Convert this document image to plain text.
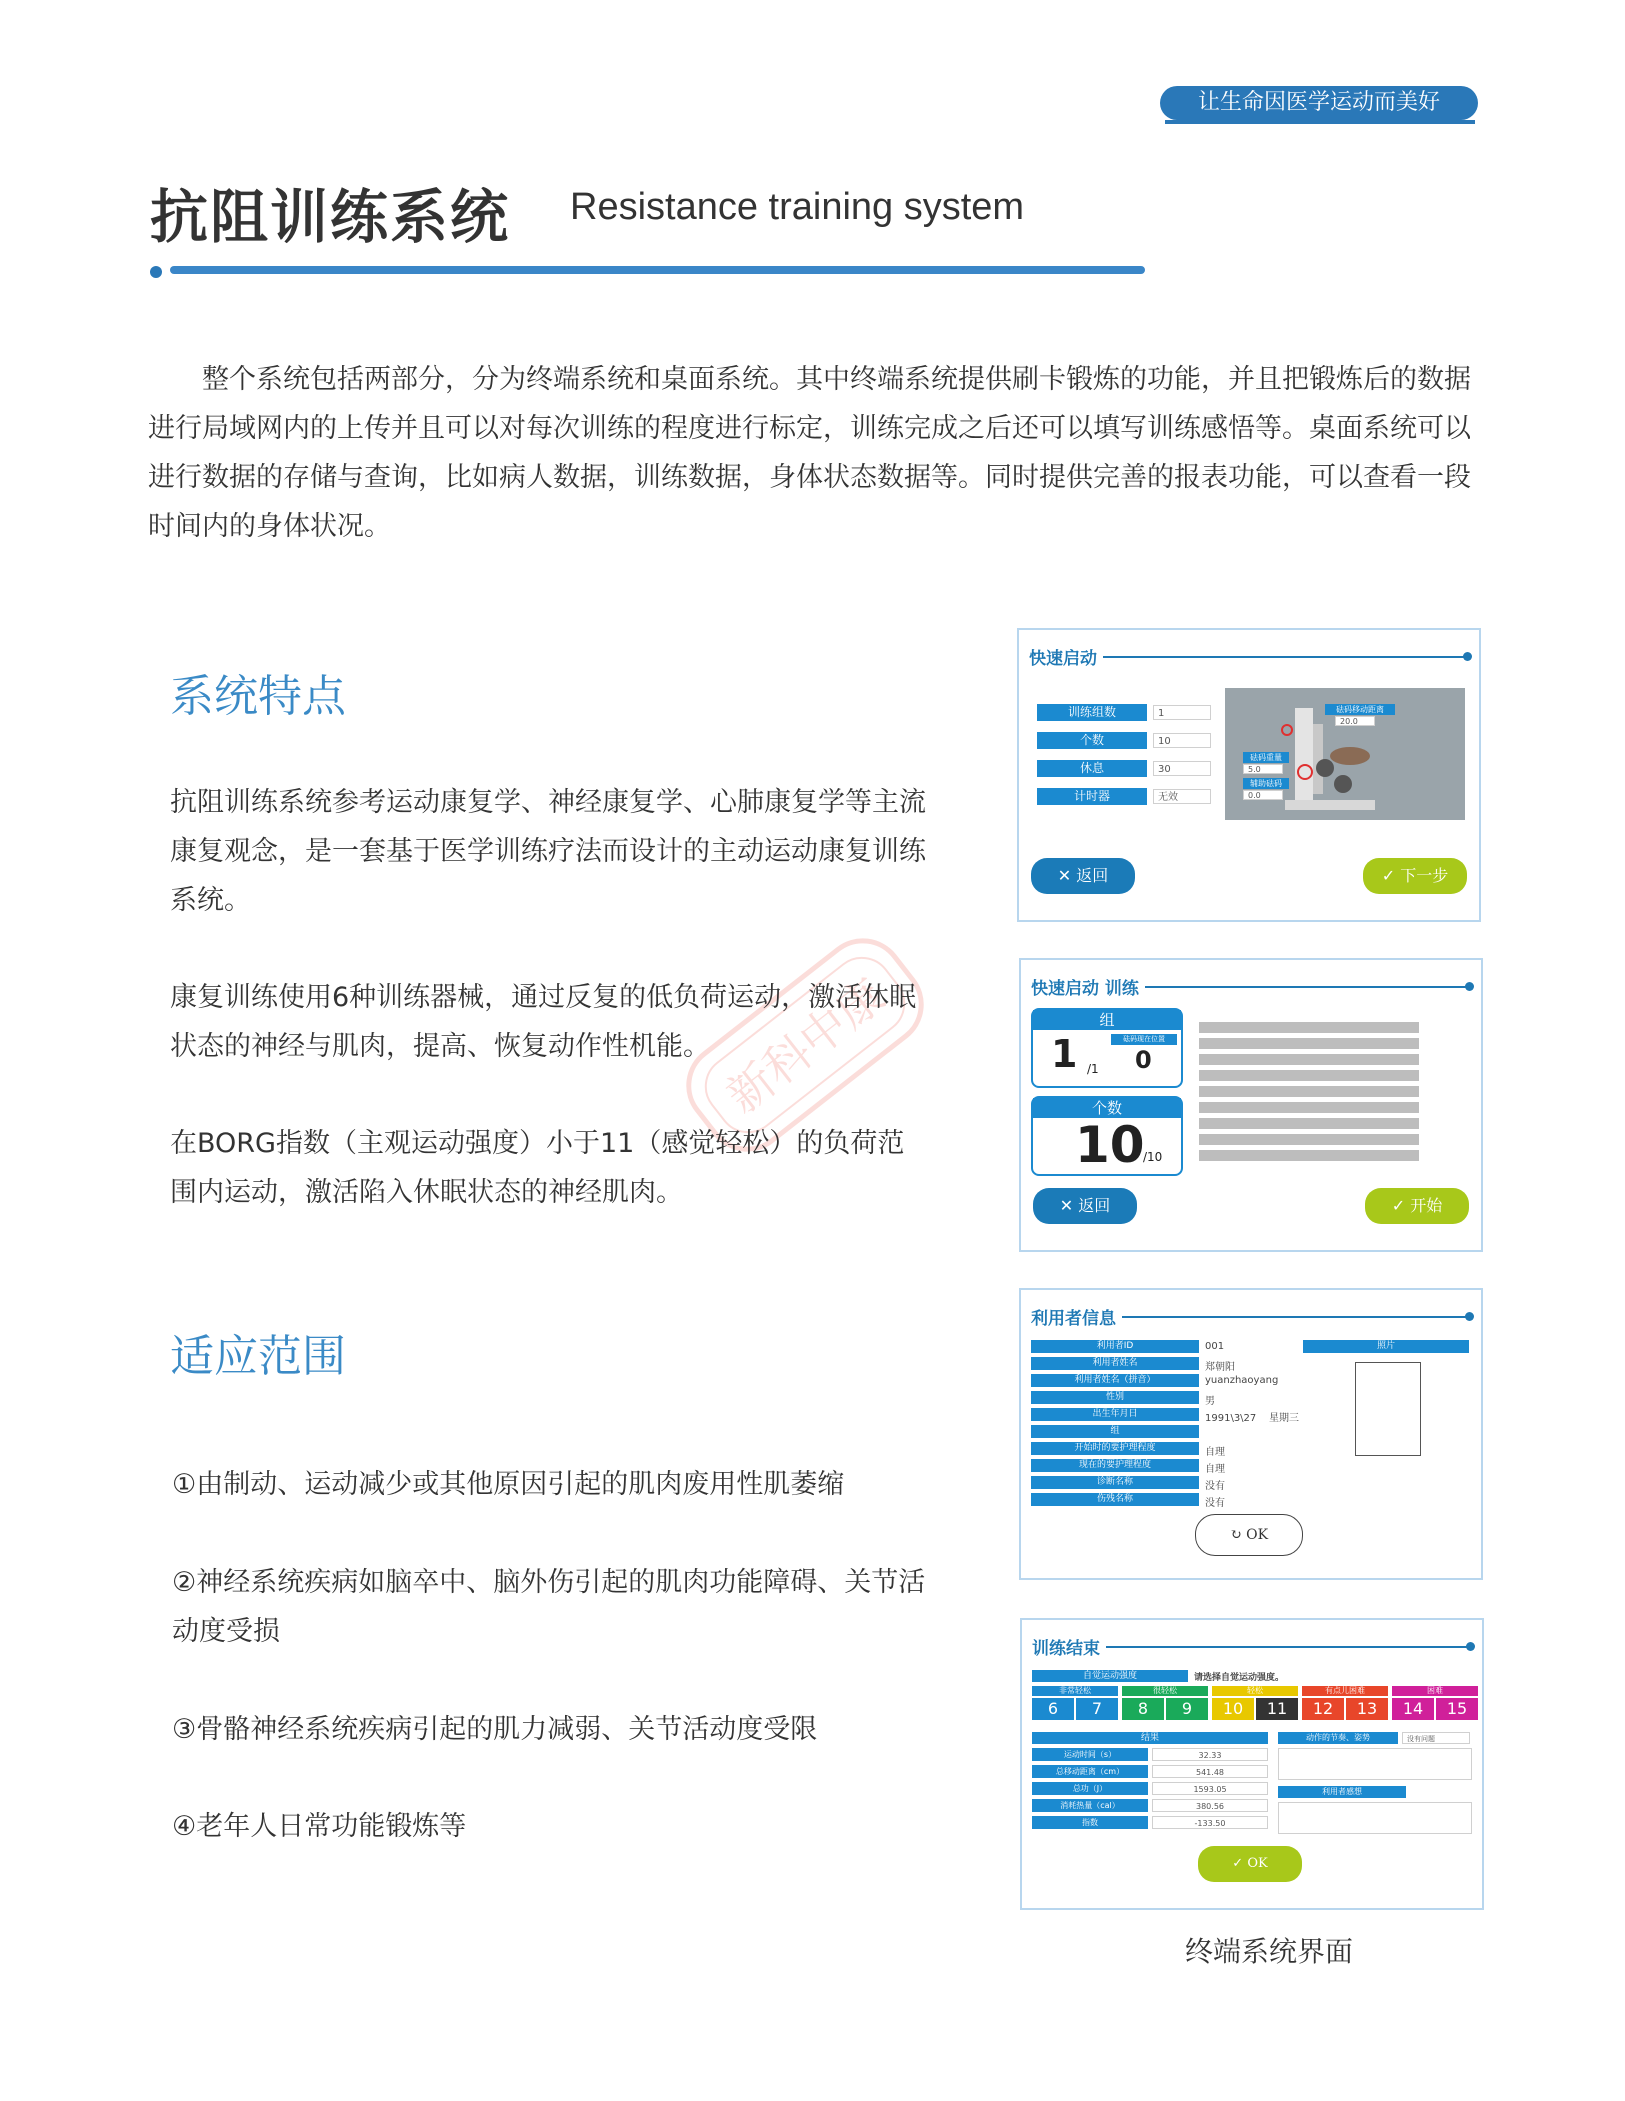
让生命因医学运动而美好
抗阻训练系统 Resistance training system
整个系统包括两部分，分为终端系统和桌面系统。其中终端系统提供刷卡锻炼的功能，并且把锻炼后的数据进行局域网内的上传并且可以对每次训练的程度进行标定，训练完成之后还可以填写训练感悟等。桌面系统可以进行数据的存储与查询，比如病人数据，训练数据，身体状态数据等。同时提供完善的报表功能，可以查看一段时间内的身体状况。
新科中康
系统特点
抗阻训练系统参考运动康复学、神经康复学、心肺康复学等主流康复观念，是一套基于医学训练疗法而设计的主动运动康复训练系统。
康复训练使用6种训练器械，通过反复的低负荷运动，激活休眠状态的神经与肌肉，提高、恢复动作性机能。
在BORG指数（主观运动强度）小于11（感觉轻松）的负荷范围内运动，激活陷入休眠状态的神经肌肉。
适应范围
①由制动、运动减少或其他原因引起的肌肉废用性肌萎缩
②神经系统疾病如脑卒中、脑外伤引起的肌肉功能障碍、关节活动度受损
③骨骼神经系统疾病引起的肌力减弱、关节活动度受限
④老年人日常功能锻炼等
快速启动
训练组数	1
个数	10
休息	30
计时器	无效
砝码移动距离
20.0
砝码重量
5.0
辅助砝码
0.0
✕ 返回	✓ 下一步
快速启动 训练
组
1 /1
砝码现在位置
0
个数
10
/10
✕ 返回	✓ 开始
利用者信息
利用者ID	001
利用者姓名	郑朝阳
利用者姓名（拼音）	yuanzhaoyang
性别	男
出生年月日	1991\3\27    星期三
组
开始时的要护理程度	自理
现在的要护理程度	自理
诊断名称	没有
伤残名称	没有
照片
↻ OK
训练结束
自觉运动强度	请选择自觉运动强度。
非常轻松
6	7
很轻松
8	9
轻松
10	11
有点儿困难
12	13
困难
14	15
结果
运动时间（s）	32.33
总移动距离（cm）	541.48
总功（J）	1593.05
消耗热量（cal）	380.56
指数	-133.50
动作的节奏、姿势	没有问题
利用者感想
✓ OK
终端系统界面
